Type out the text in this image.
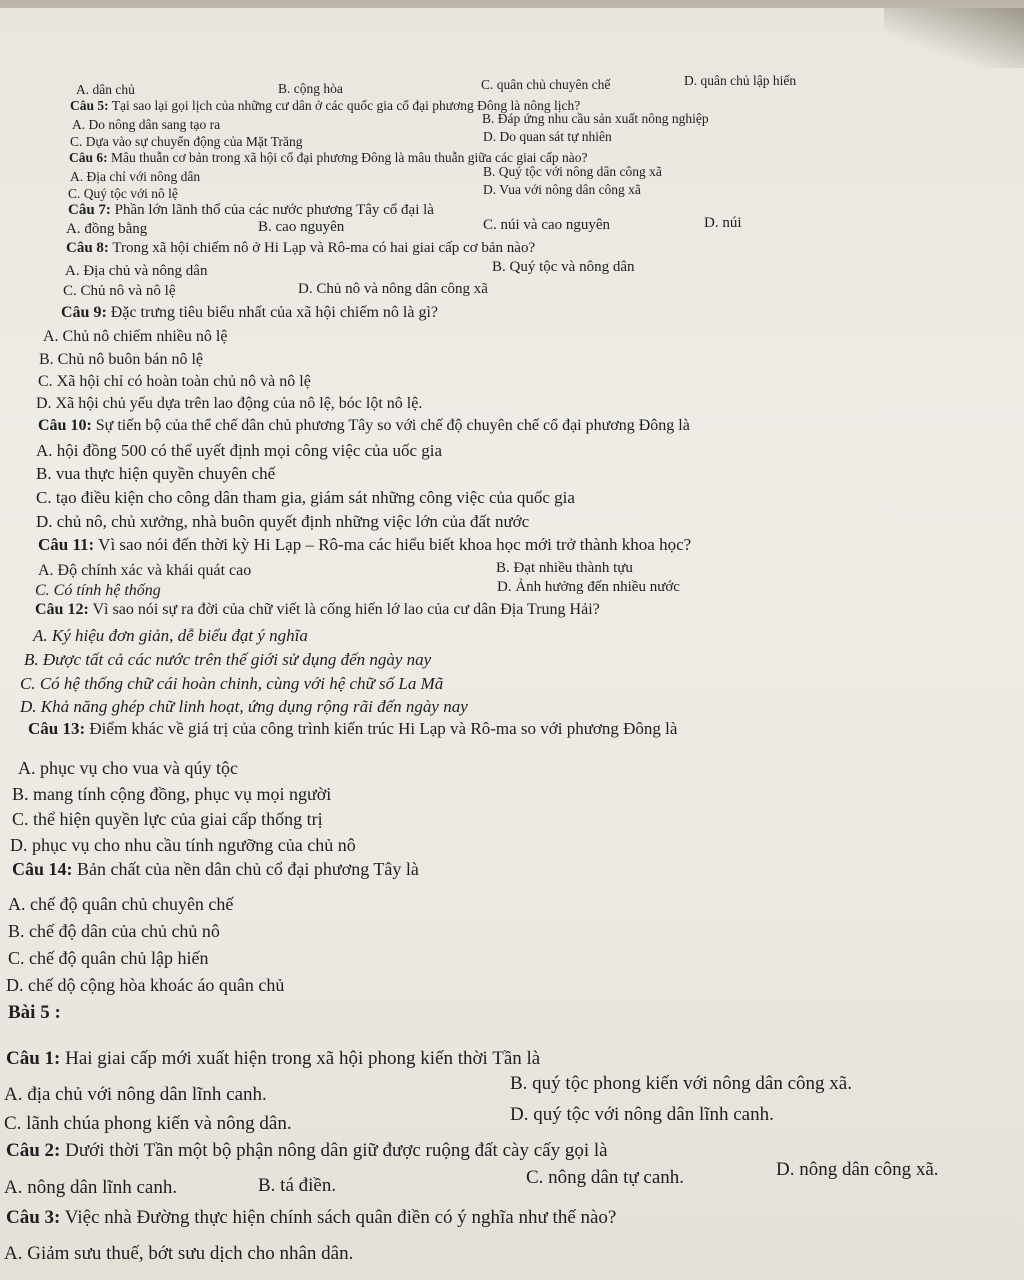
A. dân chủ	B. cộng hòa	C. quân chủ chuyên chế	D. quân chủ lập hiến
Câu 5: Tại sao lại gọi lịch của những cư dân ở các quốc gia cổ đại phương Đông là nông lịch?
A. Do nông dân sang tạo ra	B. Đáp ứng nhu cầu sản xuất nông nghiệp
C. Dựa vào sự chuyển động của Mặt Trăng	D. Do quan sát tự nhiên
Câu 6: Mâu thuẫn cơ bản trong xã hội cổ đại phương Đông là mâu thuẫn giữa các giai cấp nào?
A. Địa chỉ với nông dân	B. Quý tộc với nông dân công xã
C. Quý tộc với nô lệ	D. Vua với nông dân công xã
Câu 7: Phần lớn lãnh thổ của các nước phương Tây cổ đại là
A. đồng bằng	B. cao nguyên	C. núi và cao nguyên	D. núi
Câu 8: Trong xã hội chiếm nô ở Hi Lạp và Rô-ma có hai giai cấp cơ bản nào?
A. Địa chủ và nông dân	B. Quý tộc và nông dân
C. Chủ nô và nô lệ	D. Chủ nô và nông dân công xã
Câu 9: Đặc trưng tiêu biểu nhất của xã hội chiếm nô là gì?
A. Chủ nô chiếm nhiều nô lệ
B. Chủ nô buôn bán nô lệ
C. Xã hội chỉ có hoàn toàn chủ nô và nô lệ
D. Xã hội chủ yếu dựa trên lao động của nô lệ, bóc lột nô lệ.
Câu 10: Sự tiến bộ của thể chế dân chủ phương Tây so với chế độ chuyên chế cổ đại phương Đông là
A. hội đồng 500 có thể uyết định mọi công việc của uốc gia
B. vua thực hiện quyền chuyên chế
C. tạo điều kiện cho công dân tham gia, giám sát những công việc của quốc gia
D. chủ nô, chủ xưởng, nhà buôn quyết định những việc lớn của đất nước
Câu 11: Vì sao nói đến thời kỳ Hi Lạp – Rô-ma các hiểu biết khoa học mới trở thành khoa học?
A. Độ chính xác và khái quát cao	B. Đạt nhiều thành tựu
C. Có tính hệ thống	D. Ảnh hưởng đến nhiều nước
Câu 12: Vì sao nói sự ra đời của chữ viết là cống hiến lớ lao của cư dân Địa Trung Hải?
A. Ký hiệu đơn giản, dễ biểu đạt ý nghĩa
B. Được tất cả các nước trên thế giới sử dụng đến ngày nay
C. Có hệ thống chữ cái hoàn chinh, cùng với hệ chữ số La Mã
D. Khả năng ghép chữ linh hoạt, ứng dụng rộng rãi đến ngày nay
Câu 13: Điểm khác về giá trị của công trình kiến trúc Hi Lạp và Rô-ma so với phương Đông là
A. phục vụ cho vua và qúy tộc
B. mang tính cộng đồng, phục vụ mọi người
C. thể hiện quyền lực của giai cấp thống trị
D. phục vụ cho nhu cầu tính ngưỡng của chủ nô
Câu 14: Bản chất của nền dân chủ cổ đại phương Tây là
A. chế độ quân chủ chuyên chế
B. chế độ dân của chủ chủ nô
C. chế độ quân chủ lập hiến
D. chế dộ cộng hòa khoác áo quân chủ
Bài 5 :
Câu 1: Hai giai cấp mới xuất hiện trong xã hội phong kiến thời Tần là
A. địa chủ với nông dân lĩnh canh.
B. quý tộc phong kiến với nông dân công xã.
C. lãnh chúa phong kiến và nông dân.	D. quý tộc với nông dân lĩnh canh.
Câu 2: Dưới thời Tần một bộ phận nông dân giữ được ruộng đất cày cấy gọi là
A. nông dân lĩnh canh.	B. tá điền.	C. nông dân tự canh.	D. nông dân công xã.
Câu 3: Việc nhà Đường thực hiện chính sách quân điền có ý nghĩa như thế nào?
A. Giảm sưu thuế, bớt sưu dịch cho nhân dân.
